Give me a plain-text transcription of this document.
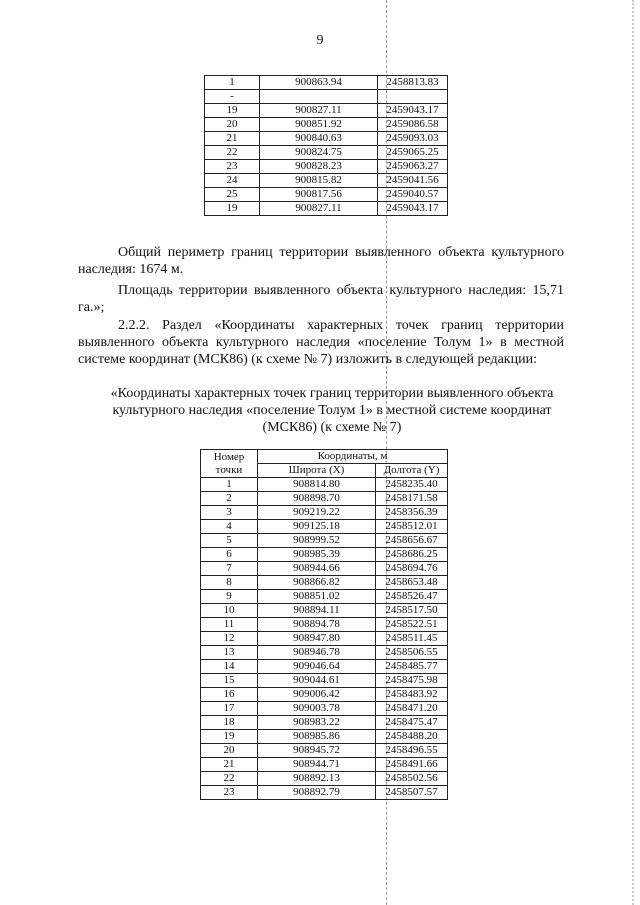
9
1	900863.94	2458813.83
-		
19	900827.11	2459043.17
20	900851.92	2459086.58
21	900840.63	2459093.03
22	900824.75	2459065.25
23	900828.23	2459063.27
24	900815.82	2459041.56
25	900817.56	2459040.57
19	900827.11	2459043.17
Общий периметр границ территории выявленного объекта культурного наследия: 1674 м.
Площадь территории выявленного объекта культурного наследия: 15,71 га.»;
2.2.2. Раздел «Координаты характерных точек границ территории выявленного объекта культурного наследия «поселение Толум 1» в местной системе координат (МСК86) (к схеме № 7) изложить в следующей редакции:
«Координаты характерных точек границ территории выявленного объекта культурного наследия «поселение Толум 1» в местной системе координат (МСК86) (к схеме № 7)
Номер
точки	Координаты, м	
	Широта (X)	Долгота (Y)
1	908814.80	2458235.40
2	908898.70	2458171.58
3	909219.22	2458356.39
4	909125.18	2458512.01
5	908999.52	2458656.67
6	908985.39	2458686.25
7	908944.66	2458694.76
8	908866.82	2458653.48
9	908851.02	2458526.47
10	908894.11	2458517.50
11	908894.78	2458522.51
12	908947.80	2458511.45
13	908946.78	2458506.55
14	909046.64	2458485.77
15	909044.61	2458475.98
16	909006.42	2458483.92
17	909003.78	2458471.20
18	908983.22	2458475.47
19	908985.86	2458488.20
20	908945.72	2458496.55
21	908944.71	2458491.66
22	908892.13	2458502.56
23	908892.79	2458507.57
